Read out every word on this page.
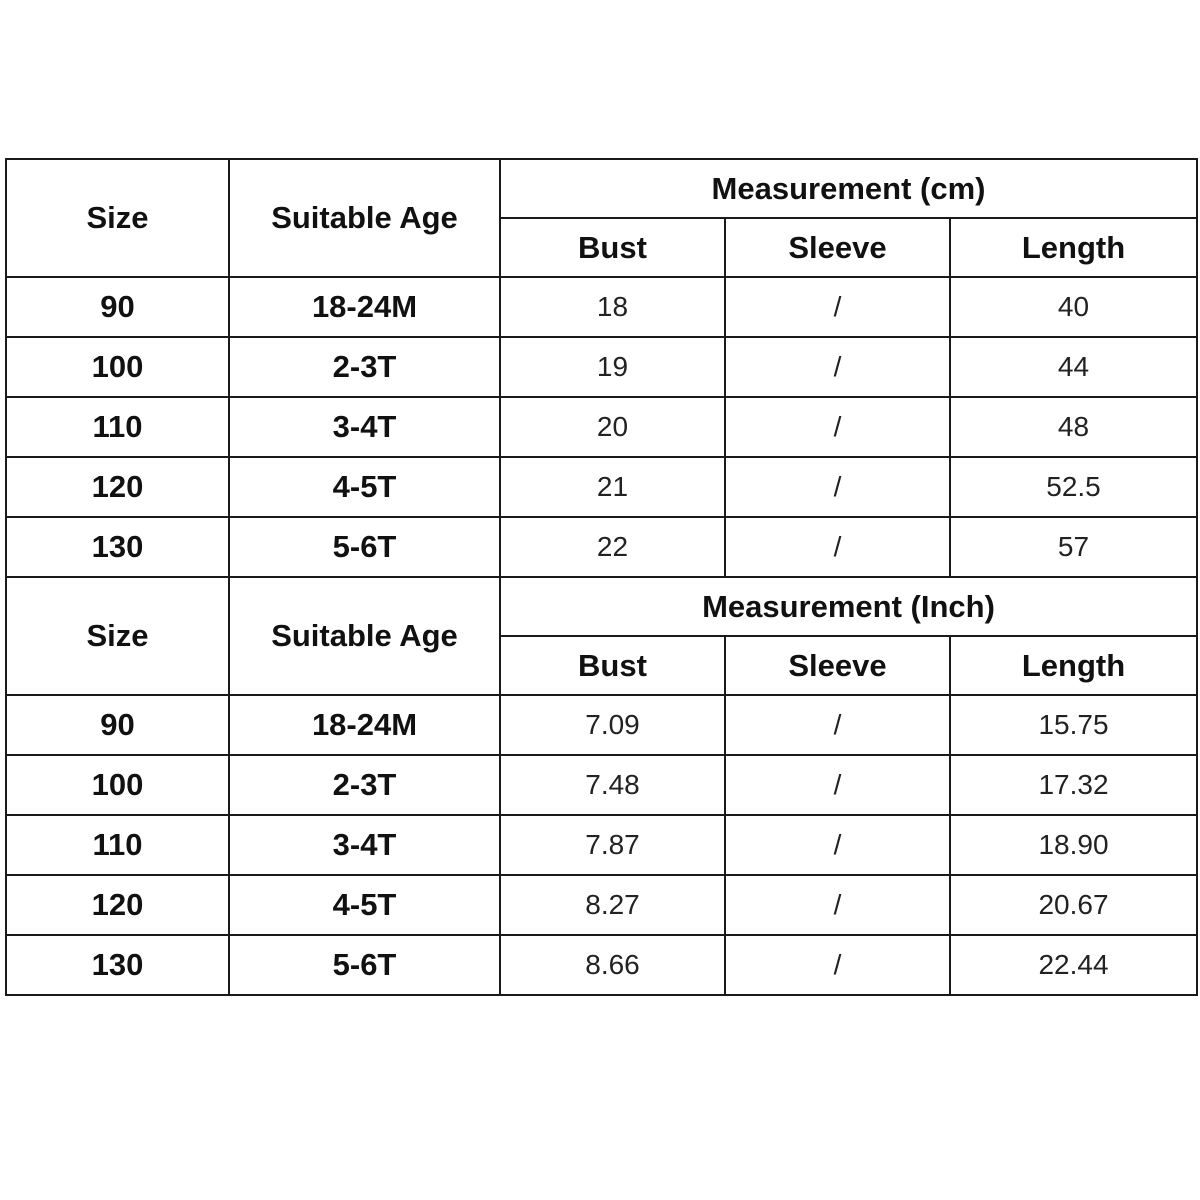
Size	Suitable Age	Measurement (cm)		
		Bust	Sleeve	Length
90	18-24M	18	/	40
100	2-3T	19	/	44
110	3-4T	20	/	48
120	4-5T	21	/	52.5
130	5-6T	22	/	57
Size	Suitable Age	Measurement (Inch)		
		Bust	Sleeve	Length
90	18-24M	7.09	/	15.75
100	2-3T	7.48	/	17.32
110	3-4T	7.87	/	18.90
120	4-5T	8.27	/	20.67
130	5-6T	8.66	/	22.44
